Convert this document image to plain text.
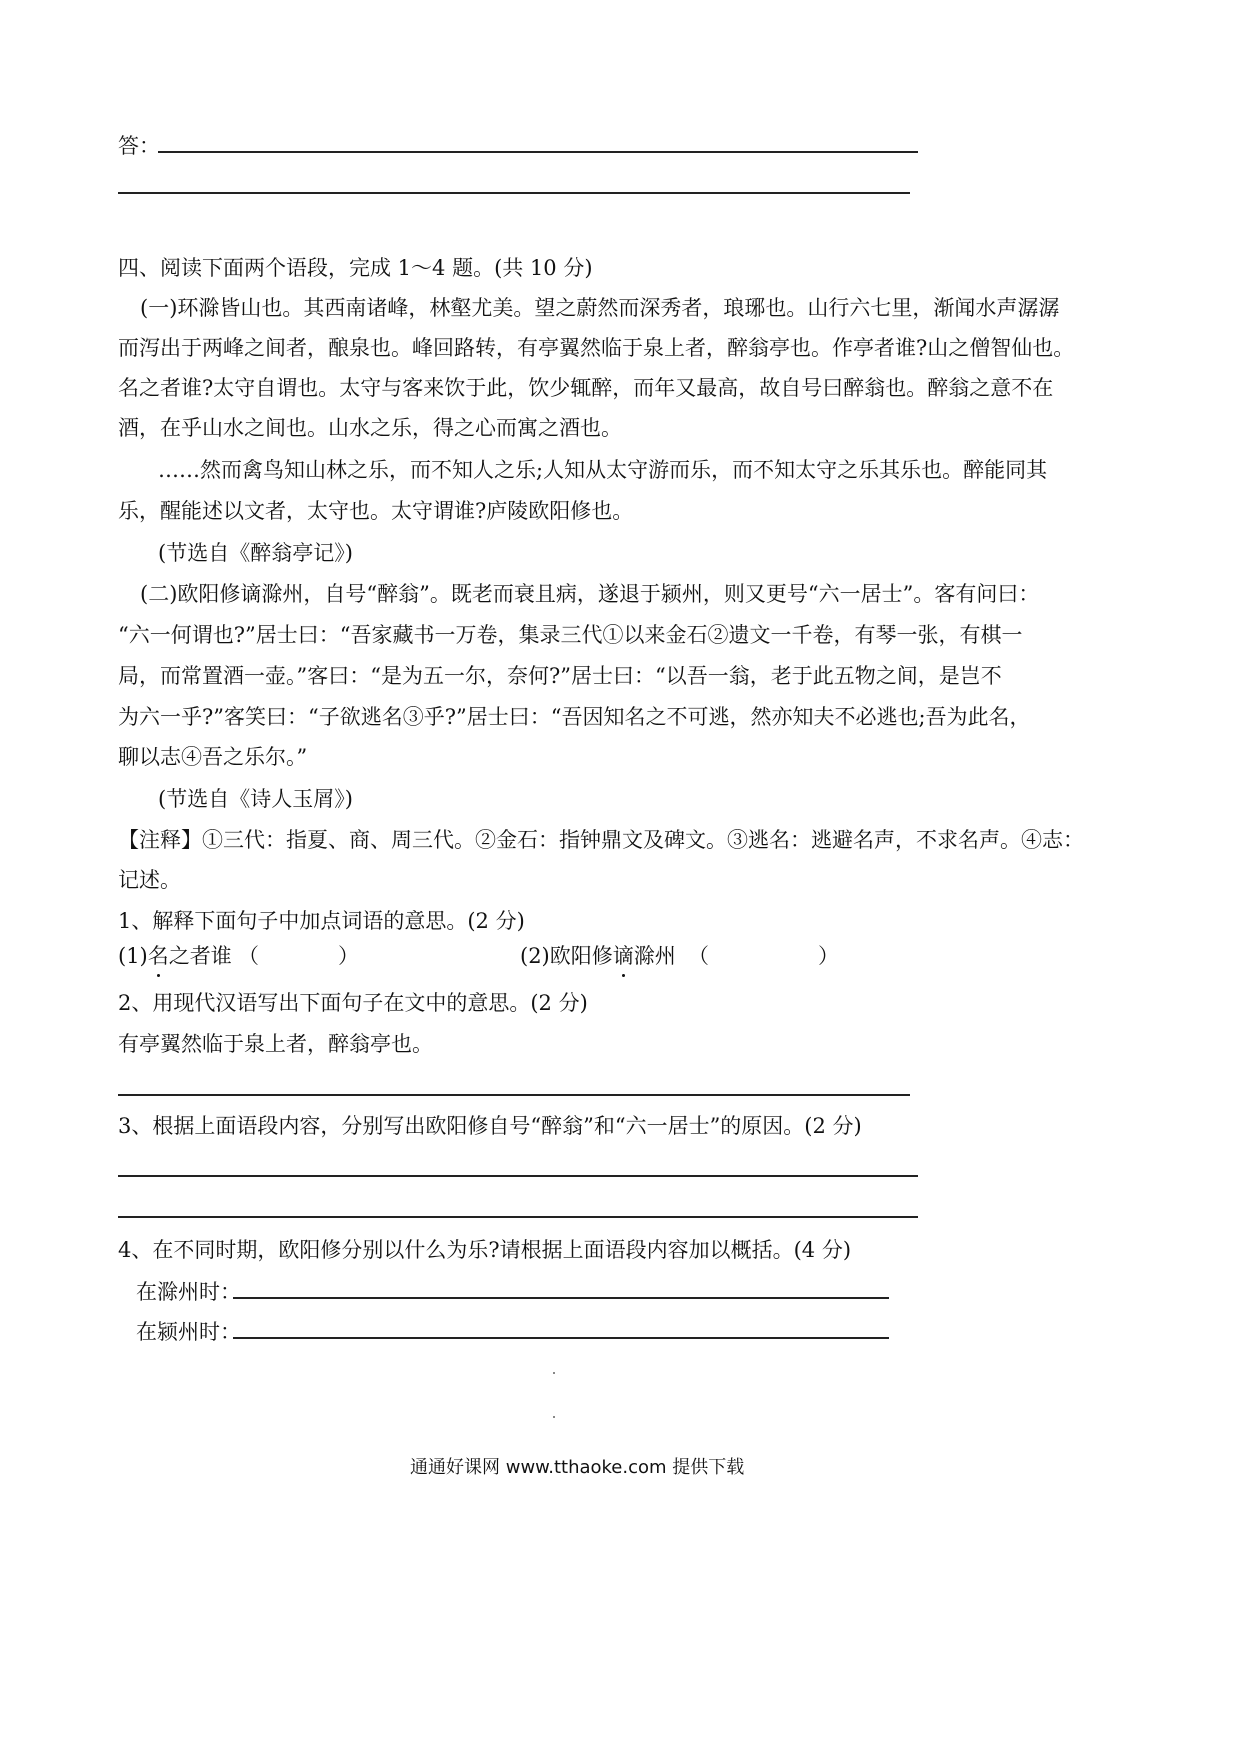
答：
四、阅读下面两个语段，完成 1～4 题。(共 10 分)
(一)环滁皆山也。其西南诸峰，林壑尤美。望之蔚然而深秀者，琅琊也。山行六七里，渐闻水声潺潺
而泻出于两峰之间者，酿泉也。峰回路转，有亭翼然临于泉上者，醉翁亭也。作亭者谁?山之僧智仙也。
名之者谁?太守自谓也。太守与客来饮于此，饮少辄醉，而年又最高，故自号曰醉翁也。醉翁之意不在
酒，在乎山水之间也。山水之乐，得之心而寓之酒也。
……然而禽鸟知山林之乐，而不知人之乐;人知从太守游而乐，而不知太守之乐其乐也。醉能同其
乐，醒能述以文者，太守也。太守谓谁?庐陵欧阳修也。
(节选自《醉翁亭记》)
(二)欧阳修谪滁州，自号“醉翁”。既老而衰且病，遂退于颍州，则又更号“六一居士”。客有问曰：
“六一何谓也?”居士曰：“吾家藏书一万卷，集录三代①以来金石②遗文一千卷，有琴一张，有棋一
局，而常置酒一壶。”客曰：“是为五一尔，奈何?”居士曰：“以吾一翁，老于此五物之间，是岂不
为六一乎?”客笑曰：“子欲逃名③乎?”居士曰：“吾因知名之不可逃，然亦知夫不必逃也;吾为此名，
聊以志④吾之乐尔。”
(节选自《诗人玉屑》)
【注释】①三代：指夏、商、周三代。②金石：指钟鼎文及碑文。③逃名：逃避名声，不求名声。④志：
记述。
1、解释下面句子中加点词语的意思。(2 分)
(1)名之者谁 （	）	(2)欧阳修谪滁州 （	）
2、用现代汉语写出下面句子在文中的意思。(2 分)
有亭翼然临于泉上者，醉翁亭也。
3、根据上面语段内容，分别写出欧阳修自号“醉翁”和“六一居士”的原因。(2 分)
4、在不同时期，欧阳修分别以什么为乐?请根据上面语段内容加以概括。(4 分)
在滁州时：
在颍州时：
通通好课网 www.tthaoke.com 提供下载
